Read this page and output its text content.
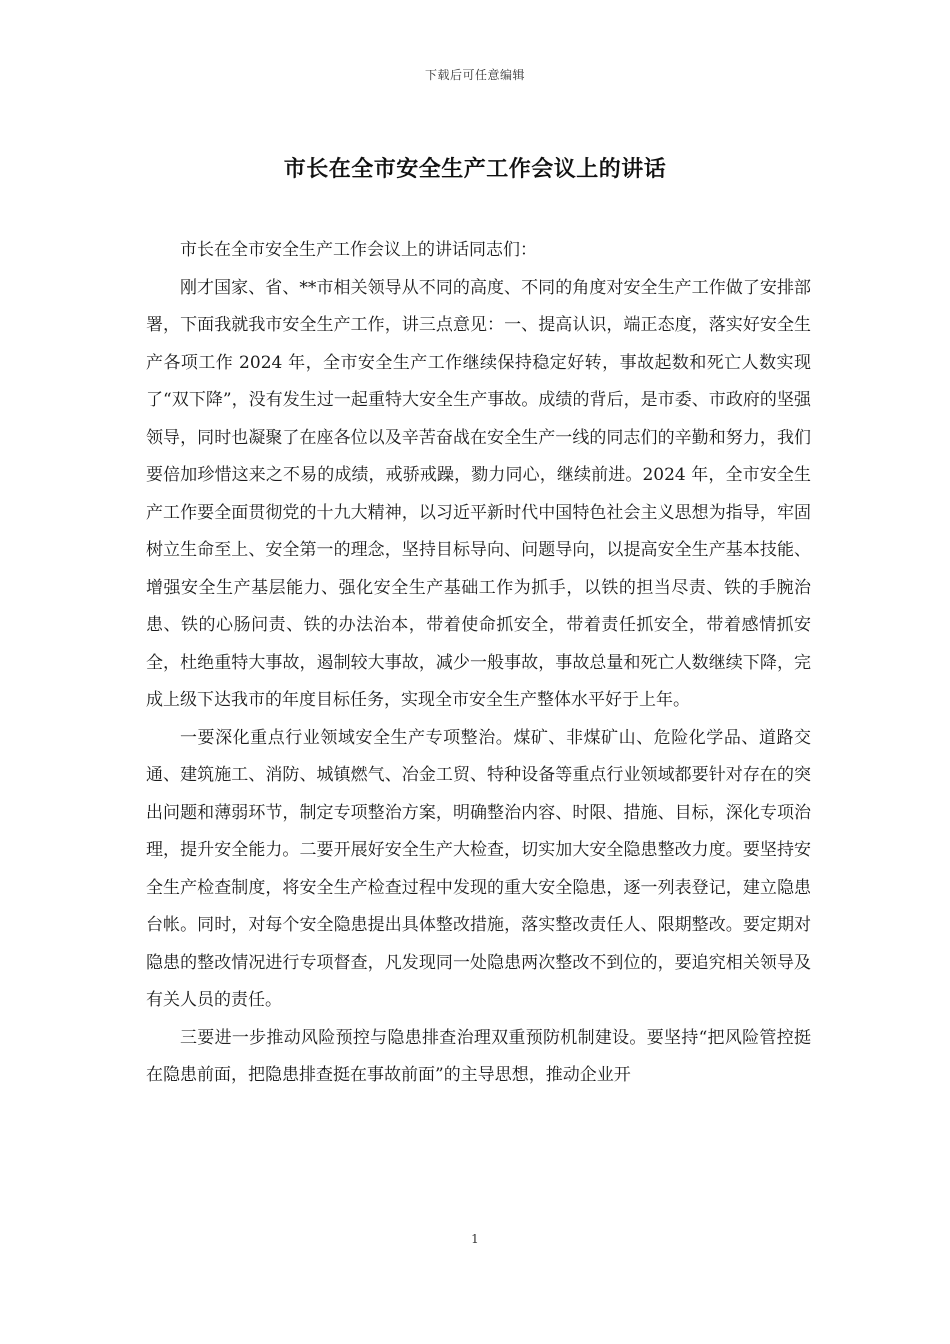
下载后可任意编辑
市长在全市安全生产工作会议上的讲话

市长在全市安全生产工作会议上的讲话同志们：

刚才国家、省、**市相关领导从不同的高度、不同的角度对安全生产工作做了安排部署，下面我就我市安全生产工作，讲三点意见：一、提高认识，端正态度，落实好安全生产各项工作 2024 年，全市安全生产工作继续保持稳定好转，事故起数和死亡人数实现了“双下降”，没有发生过一起重特大安全生产事故。成绩的背后，是市委、市政府的坚强领导，同时也凝聚了在座各位以及辛苦奋战在安全生产一线的同志们的辛勤和努力，我们要倍加珍惜这来之不易的成绩，戒骄戒躁，勠力同心，继续前进。2024 年，全市安全生产工作要全面贯彻党的十九大精神，以习近平新时代中国特色社会主义思想为指导，牢固树立生命至上、安全第一的理念，坚持目标导向、问题导向，以提高安全生产基本技能、增强安全生产基层能力、强化安全生产基础工作为抓手，以铁的担当尽责、铁的手腕治患、铁的心肠问责、铁的办法治本，带着使命抓安全，带着责任抓安全，带着感情抓安全，杜绝重特大事故，遏制较大事故，减少一般事故，事故总量和死亡人数继续下降，完成上级下达我市的年度目标任务，实现全市安全生产整体水平好于上年。

一要深化重点行业领域安全生产专项整治。煤矿、非煤矿山、危险化学品、道路交通、建筑施工、消防、城镇燃气、冶金工贸、特种设备等重点行业领域都要针对存在的突出问题和薄弱环节，制定专项整治方案，明确整治内容、时限、措施、目标，深化专项治理，提升安全能力。二要开展好安全生产大检查，切实加大安全隐患整改力度。要坚持安全生产检查制度，将安全生产检查过程中发现的重大安全隐患，逐一列表登记，建立隐患台帐。同时，对每个安全隐患提出具体整改措施，落实整改责任人、限期整改。要定期对隐患的整改情况进行专项督查，凡发现同一处隐患两次整改不到位的，要追究相关领导及有关人员的责任。

三要进一步推动风险预控与隐患排查治理双重预防机制建设。要坚持“把风险管控挺在隐患前面，把隐患排查挺在事故前面”的主导思想，推动企业开

1
